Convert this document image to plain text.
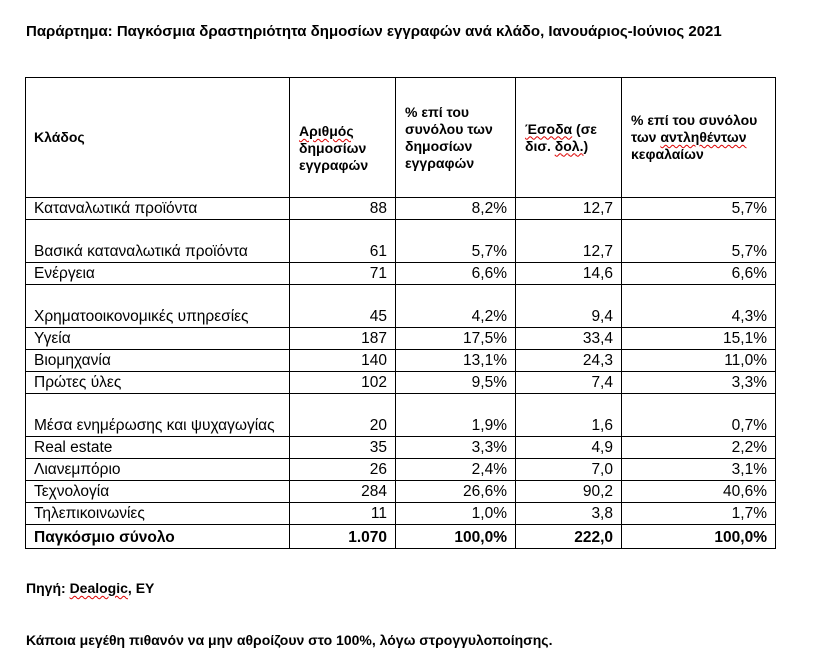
Παράρτημα: Παγκόσμια δραστηριότητα δημοσίων εγγραφών ανά κλάδο, Ιανουάριος-Ιούνιος 2021
Κλάδος	Αριθμός δημοσίων εγγραφών	% επί του συνόλου των δημοσίων εγγραφών	Έσοδα (σε δισ. δολ.)	% επί του συνόλου των αντληθέντων κεφαλαίων
Καταναλωτικά προϊόντα	88	8,2%	12,7	5,7%
Βασικά καταναλωτικά προϊόντα	61	5,7%	12,7	5,7%
Ενέργεια	71	6,6%	14,6	6,6%
Χρηματοοικονομικές υπηρεσίες	45	4,2%	9,4	4,3%
Υγεία	187	17,5%	33,4	15,1%
Βιομηχανία	140	13,1%	24,3	11,0%
Πρώτες ύλες	102	9,5%	7,4	3,3%
Μέσα ενημέρωσης και ψυχαγωγίας	20	1,9%	1,6	0,7%
Real estate	35	3,3%	4,9	2,2%
Λιανεμπόριο	26	2,4%	7,0	3,1%
Τεχνολογία	284	26,6%	90,2	40,6%
Τηλεπικοινωνίες	11	1,0%	3,8	1,7%
Παγκόσμιο σύνολο	1.070	100,0%	222,0	100,0%
Πηγή: Dealogic, EY
Κάποια μεγέθη πιθανόν να μην αθροίζουν στο 100%, λόγω στρογγυλοποίησης.
